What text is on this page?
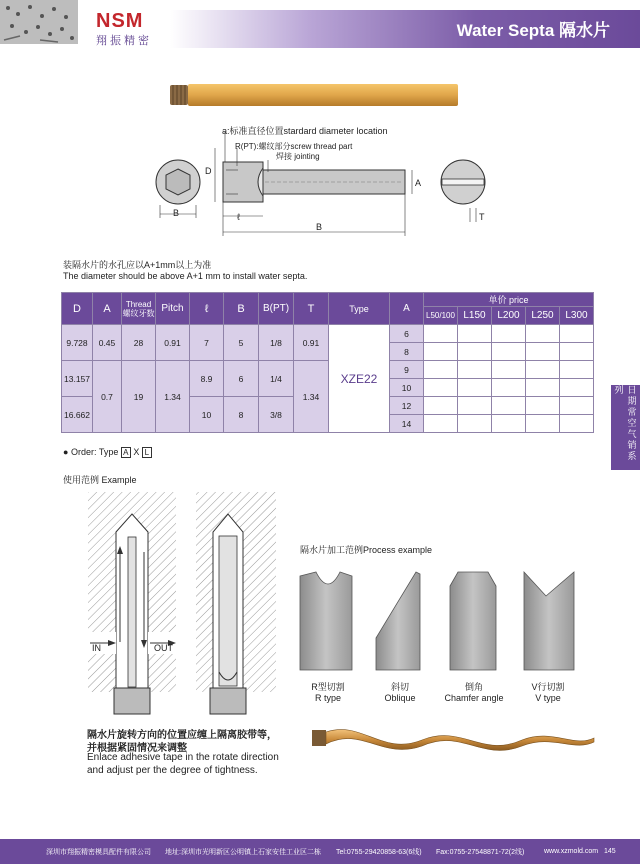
NSM
翔振精密
Water Septa 隔水片
a:标准直径位置stardard diameter location
R(PT):螺纹部分screw thread part
焊接 jointing
D
A
B	ℓ
B
T
装隔水片的水孔应以A+1mm以上为准
The diameter should be above A+1 mm to install water septa.
D	A	Thread
螺纹牙数	Pitch	ℓ	B	B(PT)	T	Type	A	单价 price				
										L50/100	L150	L200	L250	L300
9.728	0.45	28	0.91	7	5	1/8	0.91	XZE22	6					
									8					
13.157	0.7	19	1.34	8.9	6	1/4	1.34		9					
									10					
16.662				10	8	3/8			12					
									14					
● Order: Type A X L
使用范例 Example
IN	OUT
隔水片旋转方向的位置应缠上隔离胶带等，
并根据紧固情况来调整
Enlace adhesive tape in the rotate direction
and adjust per the degree of tightness.
隔水片加工范例Process example
R型切割
R type
斜切
Oblique
倒角
Chamfer angle
V行切割
V type
日期常空气销系列
深圳市翔振精密模具配件有限公司 地址:深圳市光明新区公明镇上石家安佳工业区二栋 Tel:0755-29420858-63(6线) Fax:0755-27548871-72(2线)	www.xzmold.com 145
